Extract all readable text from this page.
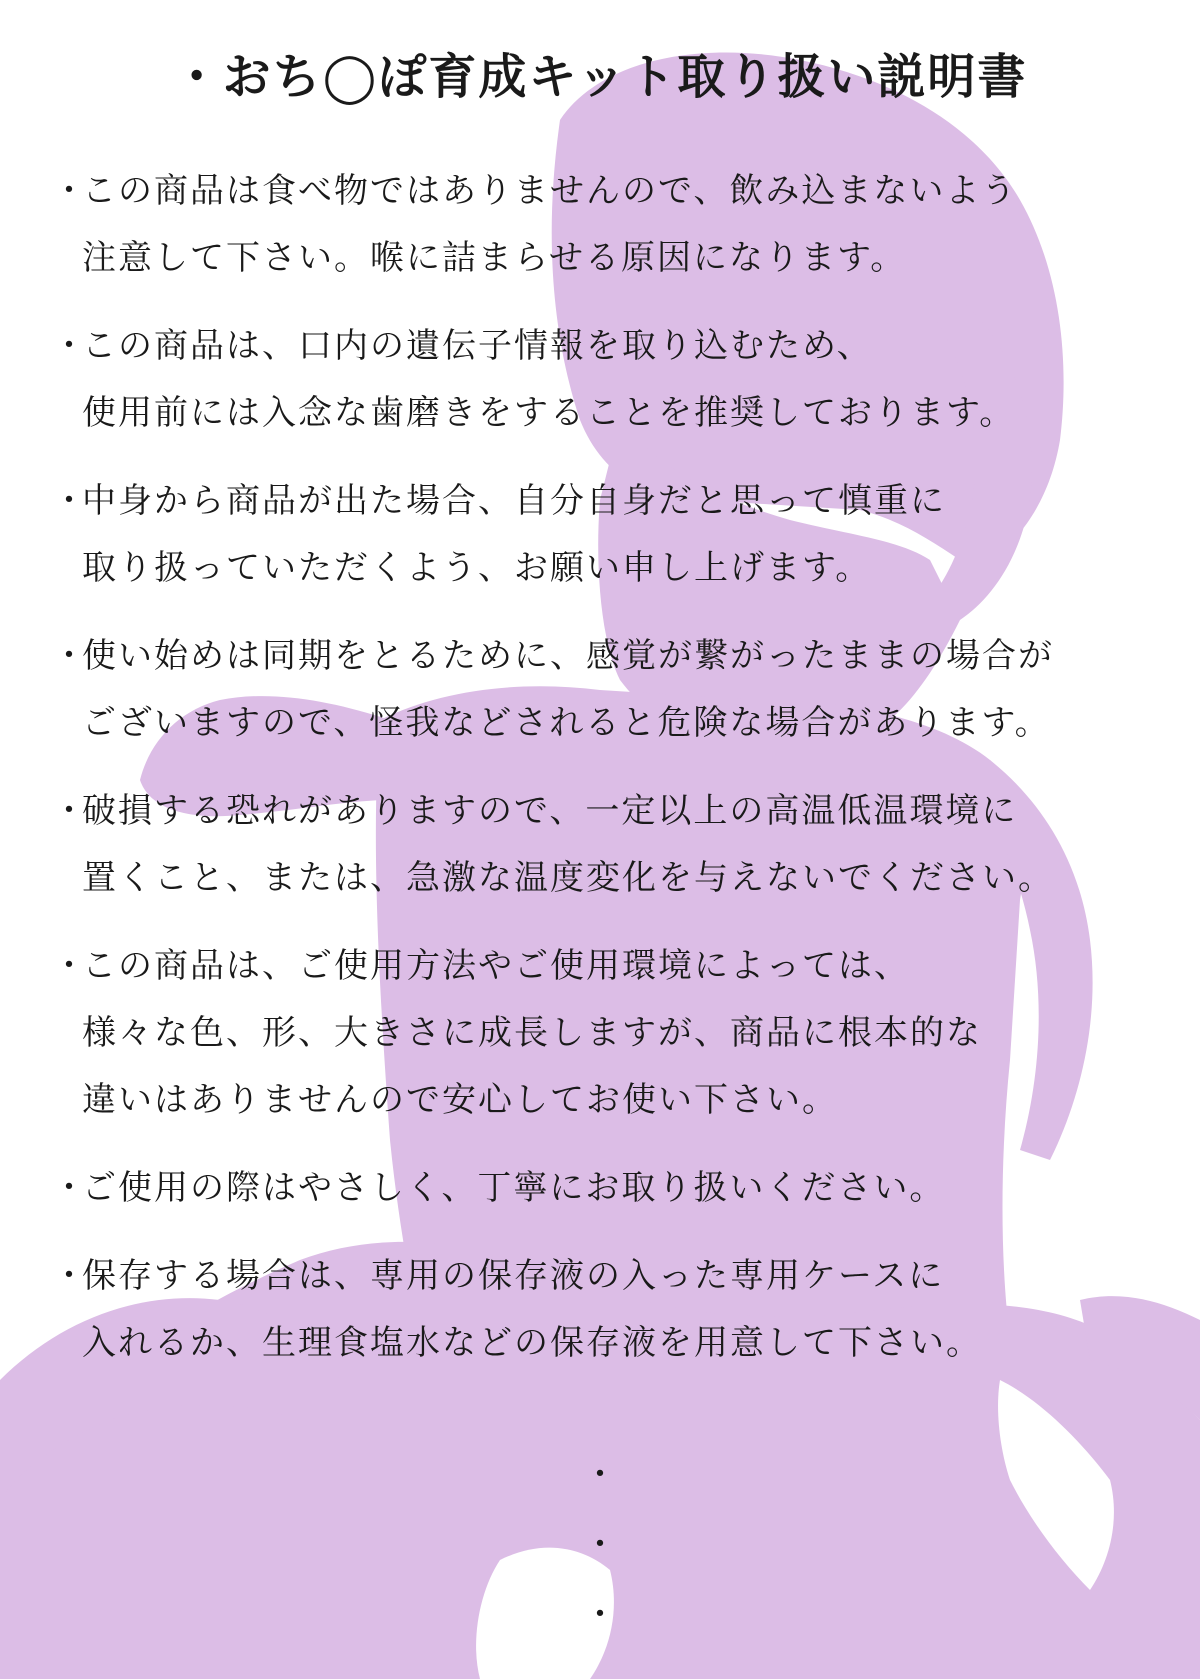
・おち◯ぽ育成キット取り扱い説明書
・
この商品は食べ物ではありませんので、飲み込まないよう
注意して下さい。喉に詰まらせる原因になります。
・
この商品は、口内の遺伝子情報を取り込むため、
使用前には入念な歯磨きをすることを推奨しております。
・
中身から商品が出た場合、自分自身だと思って慎重に
取り扱っていただくよう、お願い申し上げます。
・
使い始めは同期をとるために、感覚が繋がったままの場合が
ございますので、怪我などされると危険な場合があります。
・
破損する恐れがありますので、一定以上の高温低温環境に
置くこと、または、急激な温度変化を与えないでください。
・
この商品は、ご使用方法やご使用環境によっては、
様々な色、形、大きさに成長しますが、商品に根本的な
違いはありませんので安心してお使い下さい。
・
ご使用の際はやさしく、丁寧にお取り扱いください。
・
保存する場合は、専用の保存液の入った専用ケースに
入れるか、生理食塩水などの保存液を用意して下さい。
・
・
・
